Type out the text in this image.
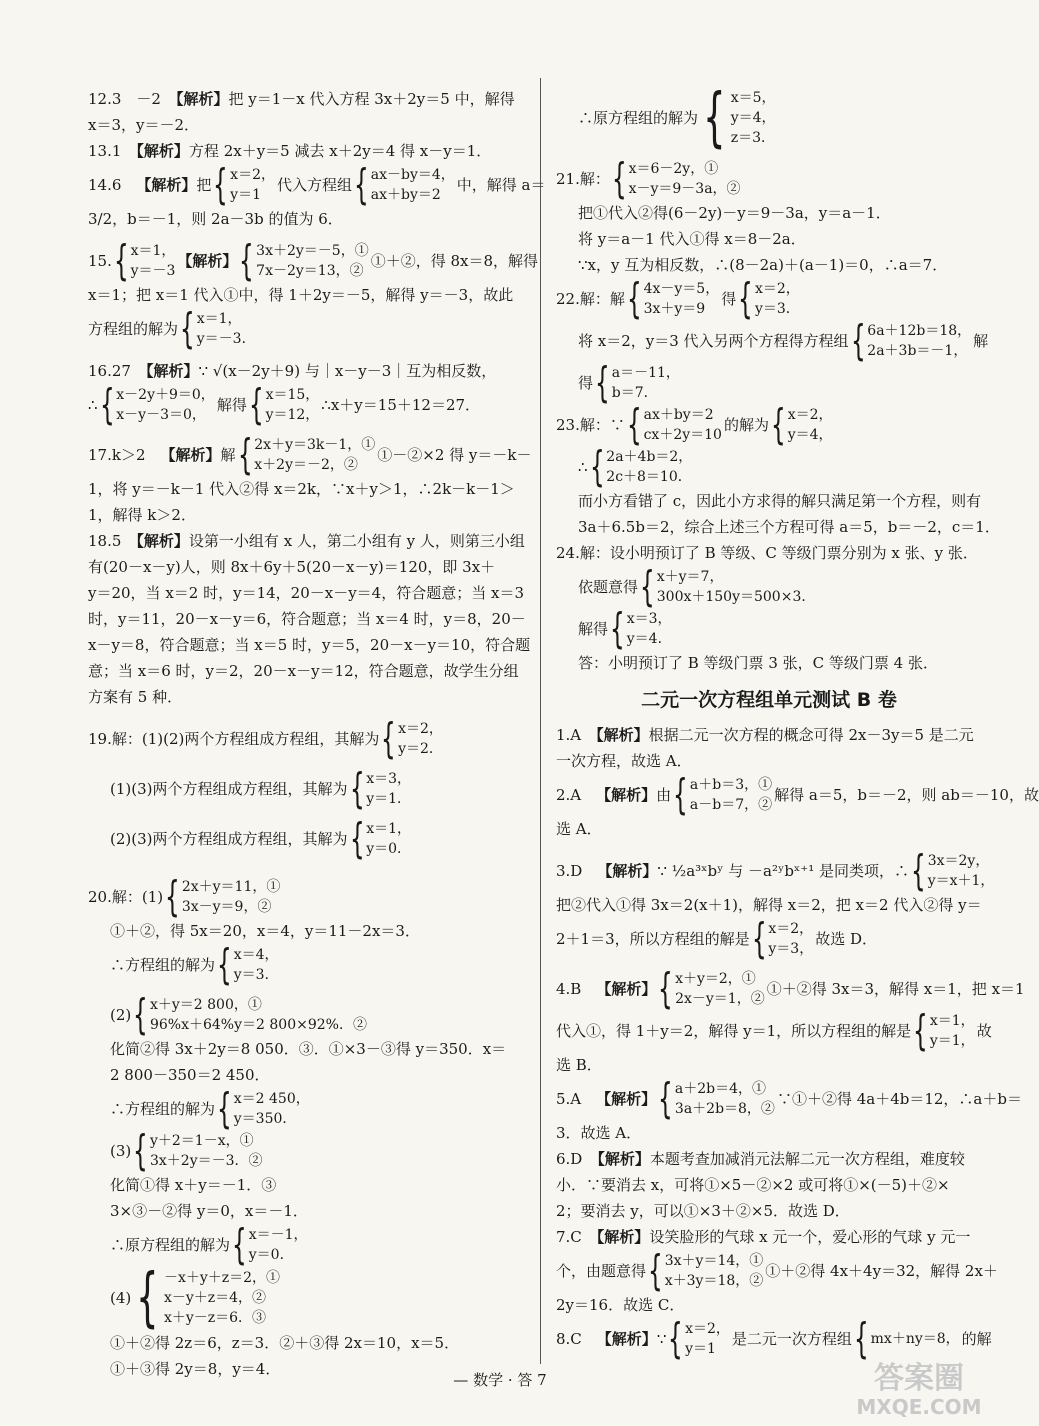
12.3　－2　【解析】把 y＝1－x 代入方程 3x＋2y＝5 中，解得
x＝3，y＝－2．
13.1　【解析】方程 2x＋y＝5 减去 x＋2y＝4 得 x－y＝1．
14.6　 【解析】 把 { x＝2，
y＝1
代入方程组 { ax－by＝4，
ax＋by＝2
中，解得 a＝
3/2，b＝－1，则 2a－3b 的值为 6．
15. { x＝1，
y＝－3
【解析】 { 3x＋2y＝－5，①
7x－2y＝13，②
①＋②，得 8x＝8，解得
x＝1；把 x＝1 代入①中，得 1＋2y＝－5，解得 y＝－3，故此
方程组的解为 { x＝1，
y＝－3．
16.27　【解析】∵ √(x－2y＋9) 与｜x－y－3｜互为相反数，
∴ { x－2y＋9＝0，
x－y－3＝0，
解得 { x＝15，
y＝12，
∴x＋y＝15＋12＝27．
17.k＞2　 【解析】 解 { 2x＋y＝3k－1，①
x＋2y＝－2，②
①－②×2 得 y＝－k－
1，将 y＝－k－1 代入②得 x＝2k，∵x＋y＞1，∴2k－k－1＞
1，解得 k＞2．
18.5　【解析】设第一小组有 x 人，第二小组有 y 人，则第三小组
有(20－x－y)人，则 8x＋6y＋5(20－x－y)＝120，即 3x＋
y＝20，当 x＝2 时，y＝14，20－x－y＝4，符合题意；当 x＝3
时，y＝11，20－x－y＝6，符合题意；当 x＝4 时，y＝8，20－
x－y＝8，符合题意；当 x＝5 时，y＝5，20－x－y＝10，符合题
意；当 x＝6 时，y＝2，20－x－y＝12，符合题意，故学生分组
方案有 5 种．
19.解：(1)(2)两个方程组成方程组，其解为 { x＝2，
y＝2．
(1)(3)两个方程组成方程组，其解为 { x＝3，
y＝1．
(2)(3)两个方程组成方程组，其解为 { x＝1，
y＝0．
20.解：(1) { 2x＋y＝11，①
3x－y＝9，②
①＋②，得 5x＝20，x＝4，y＝11－2x＝3．
∴方程组的解为 { x＝4，
y＝3．
(2) { x＋y＝2 800，①
96%x＋64%y＝2 800×92%．②
化简②得 3x＋2y＝8 050．③．①×3－③得 y＝350．x＝
2 800－350＝2 450．
∴方程组的解为 { x＝2 450，
y＝350．
(3) { y＋2＝1－x，①
3x＋2y＝－3．②
化简①得 x＋y＝－1．③
3×③－②得 y＝0，x＝－1．
∴原方程组的解为 { x＝－1，
y＝0．
(4) { －x＋y＋z＝2，①
x－y＋z＝4，②
x＋y－z＝6．③
①＋②得 2z＝6，z＝3．②＋③得 2x＝10，x＝5．
①＋③得 2y＝8，y＝4．
∴原方程组的解为 { x＝5，
y＝4，
z＝3．
21.解： { x＝6－2y，①
x－y＝9－3a，②
把①代入②得(6－2y)－y＝9－3a，y＝a－1．
将 y＝a－1 代入①得 x＝8－2a．
∵x，y 互为相反数，∴(8－2a)＋(a－1)＝0，∴a＝7．
22.解：解 { 4x－y＝5，
3x＋y＝9
得 { x＝2，
y＝3．
将 x＝2，y＝3 代入另两个方程得方程组 { 6a＋12b＝18，
2a＋3b＝－1，
解
得 { a＝－11，
b＝7．
23.解：∵ { ax＋by＝2
cx＋2y＝10
的解为 { x＝2，
y＝4，
∴ { 2a＋4b＝2，
2c＋8＝10．
而小方看错了 c，因此小方求得的解只满足第一个方程，则有
3a＋6.5b＝2，综合上述三个方程可得 a＝5，b＝－2，c＝1．
24.解：设小明预订了 B 等级、C 等级门票分别为 x 张、y 张．
依题意得 { x＋y＝7，
300x＋150y＝500×3．
解得 { x＝3，
y＝4．
答：小明预订了 B 等级门票 3 张，C 等级门票 4 张．
二元一次方程组单元测试 B 卷
1.A　【解析】根据二元一次方程的概念可得 2x－3y＝5 是二元
一次方程，故选 A．
2.A　 【解析】 由 { a＋b＝3，①
a－b＝7，②
解得 a＝5，b＝－2，则 ab＝－10，故
选 A．
3.D　 【解析】 ∵ ½a³ˣbʸ 与 －a²ʸbˣ⁺¹ 是同类项，∴ { 3x＝2y，
y＝x＋1，
把②代入①得 3x＝2(x＋1)，解得 x＝2，把 x＝2 代入②得 y＝
2＋1＝3，所以方程组的解是 { x＝2，
y＝3，
故选 D．
4.B　 【解析】 { x＋y＝2，①
2x－y＝1，②
①＋②得 3x＝3，解得 x＝1，把 x＝1
代入①，得 1＋y＝2，解得 y＝1，所以方程组的解是 { x＝1，
y＝1，
故
选 B．
5.A　 【解析】 { a＋2b＝4，①
3a＋2b＝8，②
∵①＋②得 4a＋4b＝12，∴a＋b＝
3．故选 A．
6.D　【解析】本题考查加减消元法解二元一次方程组，难度较
小．∵要消去 x，可将①×5－②×2 或可将①×(－5)＋②×
2；要消去 y，可以①×3＋②×5．故选 D．
7.C　【解析】设笑脸形的气球 x 元一个，爱心形的气球 y 元一
个，由题意得 { 3x＋y＝14，①
x＋3y＝18，②
①＋②得 4x＋4y＝32，解得 2x＋
2y＝16．故选 C．
8.C　 【解析】 ∵ { x＝2，
y＝1
是二元一次方程组 { mx＋ny＝8， 的解
— 数学 · 答 7	答案圈
MXQE.COM
